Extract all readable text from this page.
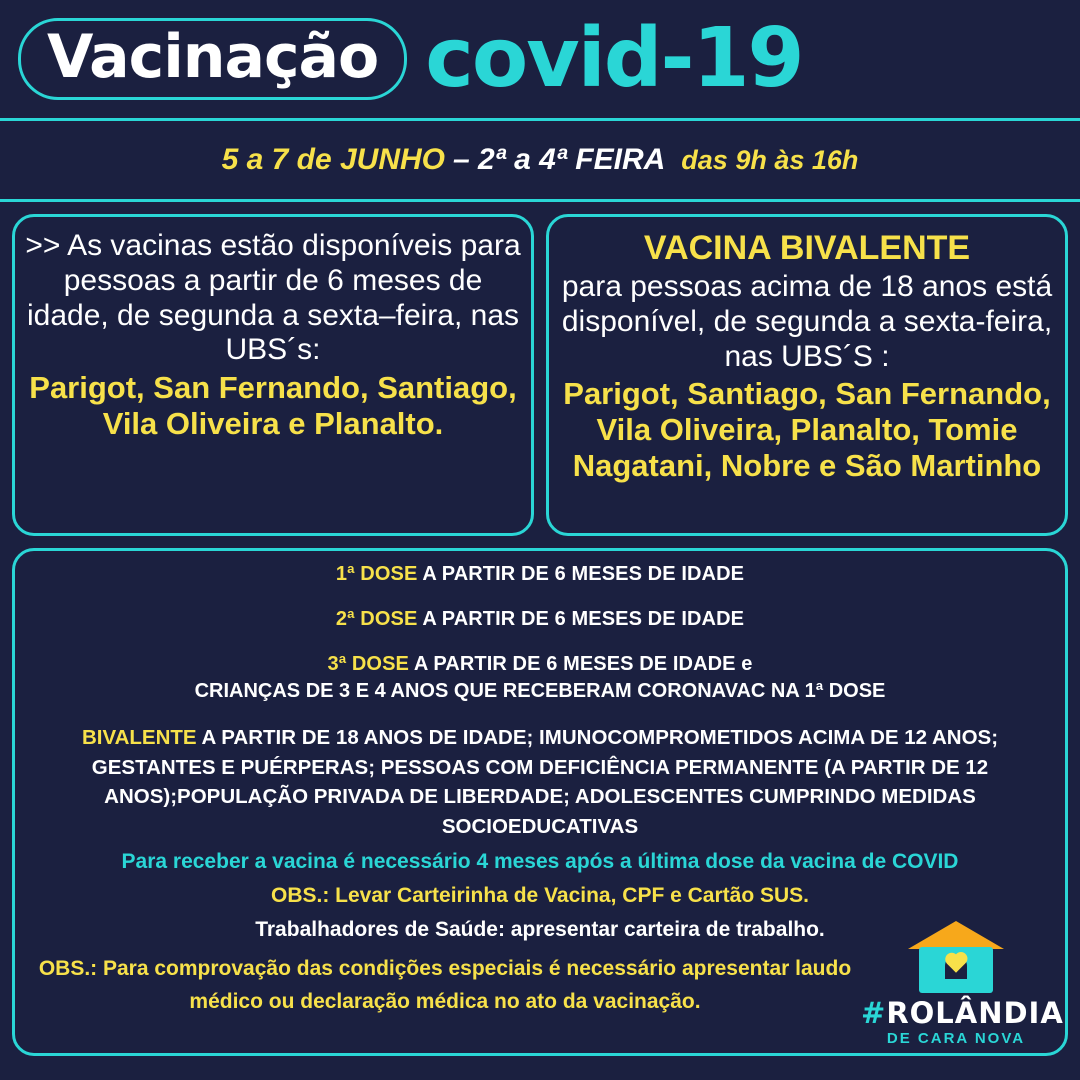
Vacinação covid-19
5 a 7 de JUNHO – 2ª a 4ª FEIRA das 9h às 16h

>> As vacinas estão disponíveis para pessoas a partir de 6 meses de idade, de segunda a sexta–feira, nas UBS´s:

Parigot, San Fernando, Santiago, Vila Oliveira e Planalto.
VACINA BIVALENTE

para pessoas acima de 18 anos está disponível, de segunda a sexta-feira, nas UBS´S :

Parigot, Santiago, San Fernando, Vila Oliveira, Planalto, Tomie Nagatani, Nobre e São Martinho

1ª DOSE A PARTIR DE 6 MESES DE IDADE

2ª DOSE A PARTIR DE 6 MESES DE IDADE

3ª DOSE A PARTIR DE 6 MESES DE IDADE e

CRIANÇAS DE 3 E 4 ANOS QUE RECEBERAM CORONAVAC NA 1ª DOSE

BIVALENTE A PARTIR DE 18 ANOS DE IDADE; IMUNOCOMPROMETIDOS ACIMA DE 12 ANOS; GESTANTES E PUÉRPERAS; PESSOAS COM DEFICIÊNCIA PERMANENTE (A PARTIR DE 12 ANOS);POPULAÇÃO PRIVADA DE LIBERDADE; ADOLESCENTES CUMPRINDO MEDIDAS SOCIOEDUCATIVAS

Para receber a vacina é necessário 4 meses após a última dose da vacina de COVID

OBS.: Levar Carteirinha de Vacina, CPF e Cartão SUS.

Trabalhadores de Saúde: apresentar carteira de trabalho.

OBS.: Para comprovação das condições especiais é necessário apresentar laudo médico ou declaração médica no ato da vacinação.	#ROLÂNDIA
DE CARA NOVA
